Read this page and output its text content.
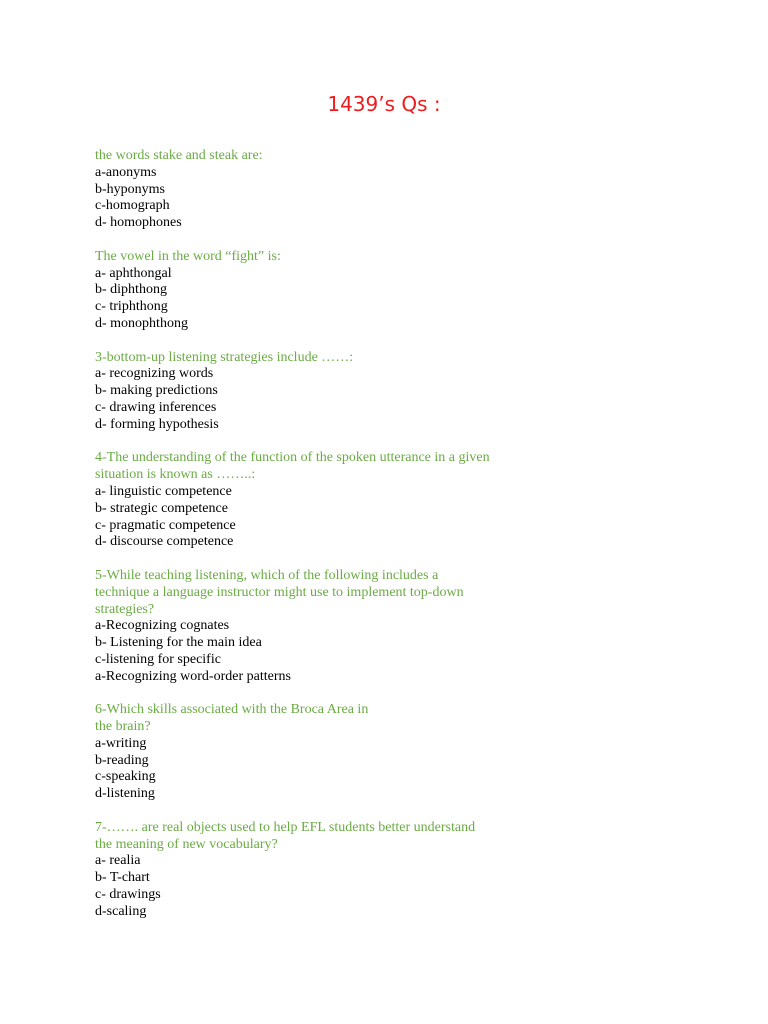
1439’s Qs :

the words stake and steak are:

a-anonyms

b-hyponyms

c-homograph

d- homophones

The vowel in the word “fight” is:

a- aphthongal

b- diphthong

c- triphthong

d- monophthong

3-bottom-up listening strategies include ……:

a- recognizing words

b- making predictions

c- drawing inferences

d- forming hypothesis

4-The understanding of the function of the spoken utterance in a given

situation is known as ……..:

a- linguistic competence

b- strategic competence

c- pragmatic competence

d- discourse competence

5-While teaching listening, which of the following includes a

technique a language instructor might use to implement top-down

strategies?

a-Recognizing cognates

b- Listening for the main idea

c-listening for specific

a-Recognizing word-order patterns

6-Which skills associated with the Broca Area in

the brain?

a-writing

b-reading

c-speaking

d-listening

7-……. are real objects used to help EFL students better understand

the meaning of new vocabulary?

a- realia

b- T-chart

c- drawings

d-scaling
